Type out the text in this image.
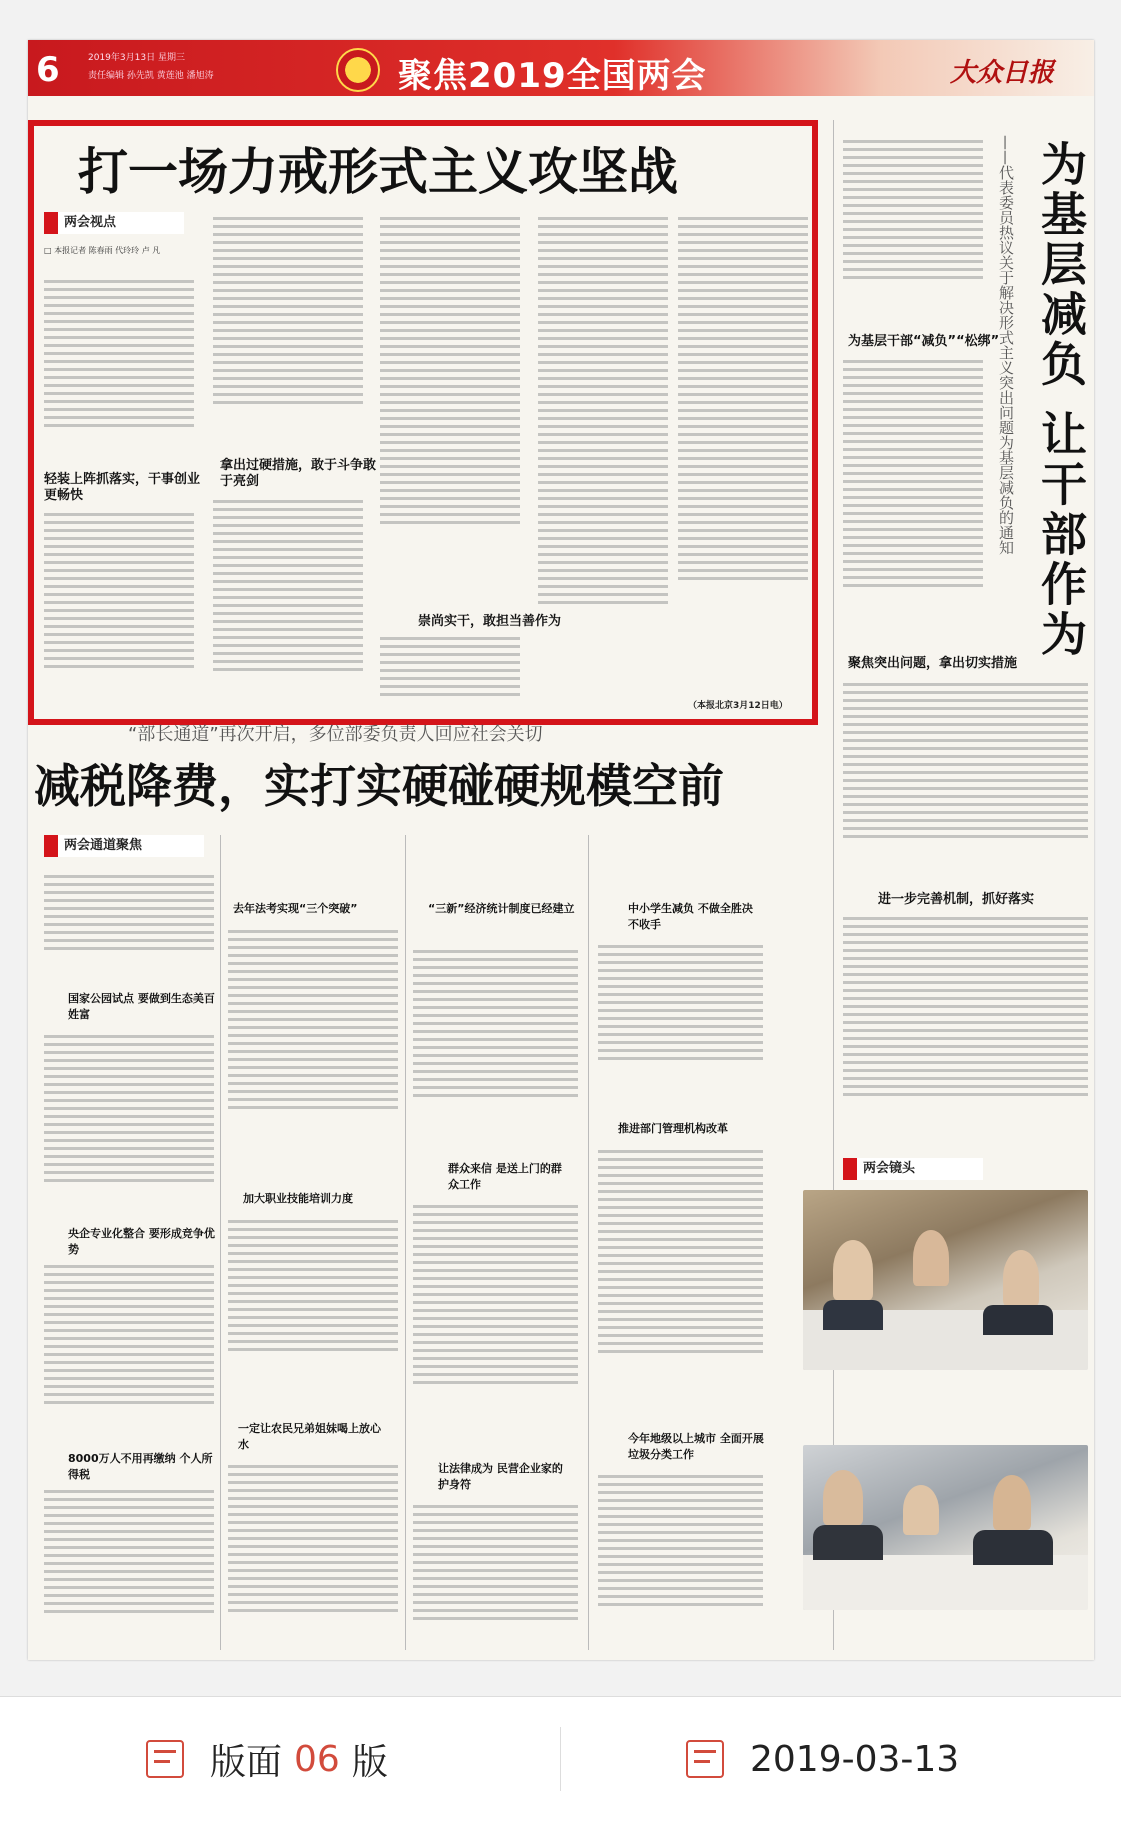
6	2019年3月13日 星期三
责任编辑 孙先凯 黄莲池 潘旭涛	聚焦2019全国两会	大众日报
打一场力戒形式主义攻坚战
两会视点
□ 本报记者 陈春雨 代玲玲 卢 凡
轻装上阵抓落实，干事创业更畅快
拿出过硬措施，敢于斗争敢于亮剑
崇尚实干，敢担当善作为
（本报北京3月12日电）
为基层减负 让干部作为
——代表委员热议关于解决形式主义突出问题为基层减负的通知
为基层干部“减负”“松绑”
聚焦突出问题，拿出切实措施
进一步完善机制，抓好落实
“部长通道”再次开启，多位部委负责人回应社会关切
减税降费，实打实硬碰硬规模空前
两会通道聚焦
国家公园试点 要做到生态美百姓富
央企专业化整合 要形成竞争优势
8000万人不用再缴纳 个人所得税
去年法考实现“三个突破”
加大职业技能培训力度
一定让农民兄弟姐妹喝上放心水
“三新”经济统计制度已经建立
群众来信 是送上门的群众工作
让法律成为 民营企业家的护身符
中小学生减负 不做全胜决不收手
推进部门管理机构改革
今年地级以上城市 全面开展垃圾分类工作
两会镜头
版面 06 版	2019-03-13
